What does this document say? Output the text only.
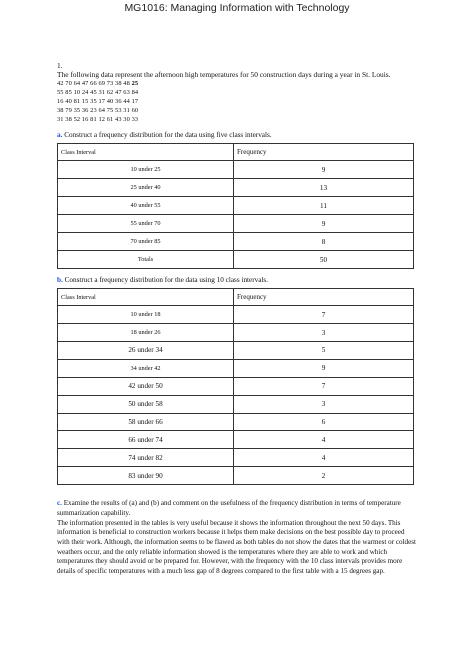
MG1016: Managing Information with Technology
1.
The following data represent the afternoon high temperatures for 50 construction days during a year in St. Louis.
42 70 64 47 66 69 73 38 48 25
55 85 10 24 45 31 62 47 63 84
16 40 81 15 35 17 40 36 44 17
38 79 35 36 23 64 75 53 31 60
31 38 52 16 81 12 61 43 30 33
a. Construct a frequency distribution for the data using five class intervals.
Class Interval	Frequency
10 under 25	9
25 under 40	13
40 under 55	11
55 under 70	9
70 under 85	8
Totals	50
b. Construct a frequency distribution for the data using 10 class intervals.
Class Interval	Frequency
10 under 18	7
18 under 26	3
26 under 34	5
34 under 42	9
42 under 50	7
50 under 58	3
58 under 66	6
66 under 74	4
74 under 82	4
83 under 90	2
c. Examine the results of (a) and (b) and comment on the usefulness of the frequency distribution in terms of temperature summarization capability.
The information presented in the tables is very useful because it shows the information throughout the next 50 days. This information is beneficial to construction workers because it helps them make decisions on the best possible day to proceed with their work. Although, the information seems to be flawed as both tables do not show the dates that the warmest or coldest weathers occur, and the only reliable information showed is the temperatures where they are able to work and which temperatures they should avoid or be prepared for. However, with the frequency with the 10 class intervals provides more details of specific temperatures with a much less gap of 8 degrees compared to the first table with a 15 degrees gap.
